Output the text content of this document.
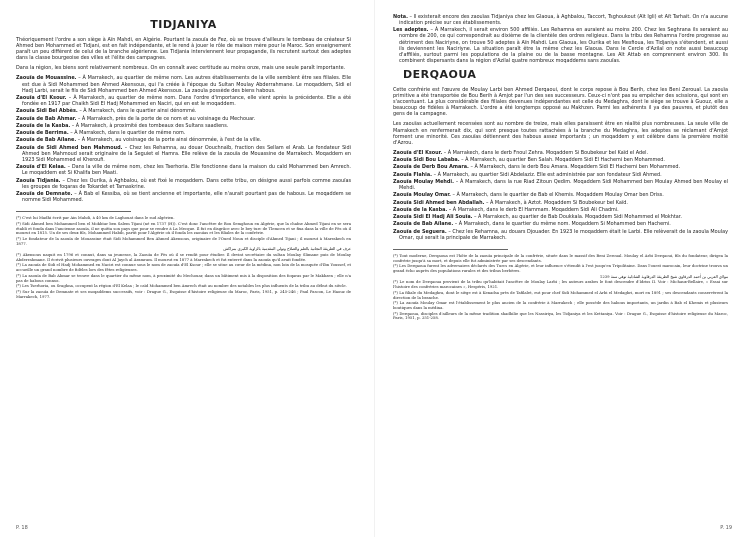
TIDJANIYA

Théoriquement l'ordre a son siège à Aïn Mahdi, en Algérie. Pourtant la zaouïa de Fez, où se trouve d'ailleurs le tombeau de créateur Si Ahmed ben Mohammed et Tidjani, est en fait indépendante, et le rend à jouer le rôle de maison mère pour le Maroc. Son enseignement paraît un peu différent de celui de la branche algérienne. Les Tidjania interviennent leur propagande, ils recrutent surtout des adeptes dans la classe bourgeoise des villes et l'élite des campagnes.

Dans la région, les biens sont relativement nombreux. On en connaît avec certitude au moins onze, mais une seule paraît importante.

Zaouïa de Mouassine. – À Marrakech, au quartier de même nom. Les autres établissements de la ville semblent être ses filiales. Elle est due à Sidi Mohammed ben Ahmed Akensous, qui l'a créée à l'époque du Sultan Moulay Abderrahmane. Le moqaddem, Sidi el Hadj Larbi, serait le fils de Sidi Mohammed ben Ahmed Akensous. La zaouïa possède des biens habous.

Zaouïa d'El Ksour. – À Marrakech, au quartier de même nom. Dans l'ordre d'importance, elle vient après la précédente. Elle a été fondée en 1917 par Chaikh Sidi El Hadj Mohammed en Naciri, qui en est le moqaddem.

Zaouïa Sidi Bel Abbès. – À Marrakech, dans le quartier ainsi dénommé.

Zaouïa de Bab Ahmar. – À Marrakech, près de la porte de ce nom et au voisinage du Mechouar.

Zaouïa de la Kasba. – À Marrakech, à proximité des tombeaux des Sultans saadiens.

Zaouïa de Berrima. – À Marrakech, dans le quartier de même nom.

Zaouïa de Bab Aïlane. – À Marrakech, au voisinage de la porte ainsi dénommée, à l'est de la ville.

Zaouïa de Sidi Ahmed ben Mahmoud. – Chez les Rehamna, au douar Oouchnaïb, fraction des Sellam el Arab. Le fondateur Sidi Ahmed ben Mahmoud serait originaire de la Seguiet el Hamra. Elle relève de la zaouïa de Mouassine de Marrakech. Moqaddem en 1923 Sidi Mohammed el Kheroufi.

Zaouïa d'El Kelaa. – Dans la ville de même nom, chez les Tserhoria. Elle fonctionne dans la maison du caïd Mohammed ben Amrech. Le moqaddem est Si Khalifa ben Maati.

Zaouïa Tidjania. – Chez les Ourika, à Aghbalou, où est fixé le moqaddem. Dans cette tribu, on désigne aussi parfois comme zaouïas les groupes de foqaras de Tokardet et Tamaskrine.

Zaouïa de Demnate. – À Bab el Kessiba, où se tient ancienne et importante, elle n'aurait pourtant pas de habous. Le moqaddem se nomme Sidi Mohammed.

(*) C'est lui Madhi écrit par Ain Mahdi, à 40 km de Laghouat dans le sud algérien.

(*) Sidi Ahmed ben Mohammed ben el Mokhtar ben Salem Tijani (né en 1737 (H)). C'est donc l'ancêtre de Bou Semghoun en Algérie, que la chaîne Ahmed Tijani en se sera établi et fonda dans l'ancienne zaouïa, il ne quitta son pays que pour se rendre à La Mecque. Il fut en disgrâce avec le bey turc de Tlemcen et se fixa dans la ville de Fès où il mourut en 1815. Un de ses deux fils, Mohammed Habib, partit pour l'Algérie où il fonda les zaouïas et les filiales de la confrérie.

(*) Le fondateur de la zaouïa de Mouassine était Sidi Mohammed Ben Ahmed Akensous, originaire de l'Oued Noun et disciple d'Ahmed Tijani ; il mourut à Marrakech en 1877.

عرف في الطريقة التجانية بالعلم والصلاح وتولى المقدمية بالزاوية الكبرى بمراكش

(*) Akensous naquit en 1796 et connut, dans sa jeunesse, la Zaouïa de Fès où il se rendit pour étudier. Il devint secrétaire du sultan Moulay Slimane puis de Moulay Abderrahmane. Il écrivit plusieurs ouvrages dont Al Jaych al Aramram. Il mourut en 1877 à Marrakech et fut enterré dans la zaouïa qu'il avait fondée.

(*) La zaouïa de Sidi el Hadj Mohammed en Naciri est connue sous le nom de zaouïa d'El Ksour ; elle se situe au cœur de la médina, non loin de la mosquée d'Ibn Youssef, et accueille un grand nombre de fidèles lors des fêtes religieuses.

(*) La zaouïa de Bab Ahmar se trouve dans le quartier du même nom, à proximité du Mechouar, dans un bâtiment mis à la disposition des foqaras par le Makhzen ; elle n'a pas de habous connus.

(*) Les Tserhoria, ou Sraghna, occupent la région d'El Kelaa ; le caïd Mohammed ben Amrech était au nombre des notables les plus influents de la tribu au début du siècle.

(*) Sur la zaouïa de Demnate et ses moqaddems successifs, voir : Drague G., Esquisse d'histoire religieuse du Maroc, Paris, 1951, p. 245-246 ; Paul Pascon, Le Haouz de Marrakech, 1977.

P. 18

Nota. – Il existerait encore des zaouïas Tidjaniya chez les Glaoua, à Aghbalou, Taccort, Tsghoukout (Aït Igli) et Aït Tarhait. On n'a aucune indication précise sur ces établissements.

Les adeptes. – À Marrakech, il serait environ 500 affiliés. Les Rehamna en auraient au moins 200. Chez les Seghrana ils seraient au nombre de 200, ce qui correspondrait au dixième de la clientèle des ordres religieux. Dans la tribu des Rehamna l'ordre progresse au détriment des Naciriyne, on trouve 50 adeptes à Aïn Mahdi. Les Glaoua, les Ourika et les Mesfioua, les Tidjaniya s'étendent, et aussi ils deviennent les Naciriyne. La situation paraît être la même chez les Glaoua. Dans le Cercle d'Azilal on note aussi beaucoup d'affiliés, surtout parmi les populations de la plaine ou de la basse montagne. Les Aït Attab en comprennent environ 300. Ils combinent dispersants dans la région d'Azilal quatre nombreux moqaddems sans zaouïas.

DERQAOUA

Cette confrérie est l'œuvre de Moulay Larbi ben Ahmed Derqaoui, dont le corps repose à Bou Berih, chez les Beni Zeroual. La zaouïa primitive a été transportée de Bou Berih à Amjot par l'un des ses successeurs. Ceux-ci n'ont pas su empêcher des scissions, qui sont en s'accentuant. La plus considérable des filiales devenues indépendantes est celle du Medaghra, dont le siège se trouve à Guouz, elle a beaucoup de fidèles à Marrakech. L'ordre a été longtemps opposé au Makhzen. Parmi les adhérents il ya des pauvres, et plutôt des gens de la campagne.

Les zaouïas actuellement recensées sont au nombre de treize, mais elles paraissent être en réalité plus nombreuses. La seule ville de Marrakech en renfermerait dix, qui sont presque toutes rattachées à la branche du Medaghra, les adeptes se réclamant d'Amjot forment une minorité. Ces zaouïas détiennent des habous assez importants ; un moqaddem y est célèbre dans la première moitié d'Azrou.

Zaouïa d'El Ksour. – À Marrakech, dans le derb Fnoul Zehra. Moqaddem Si Boubekeur bel Kaïd el Adel.

Zaouïa Sidi Bou Lababa. – À Marrakech, au quartier Ben Salah. Moqaddem Sidi El Hachemi ben Mohammed.

Zaouïa de Derb Bou Amara. – À Marrakech, dans le derb Bou Amara. Moqaddem Sidi El Hachemi ben Mohammed.

Zaouïa Flahia. – À Marrakech, au quartier Sidi Abdelaziz. Elle est administrée par son fondateur Sidi Ahmed.

Zaouïa Moulay Mehdi. – À Marrakech, dans la rue Riad Zitoun Qedim. Moqaddem Sidi Mohammed ben Moulay Ahmed ben Moulay el Mehdi.

Zaouïa Moulay Omar. – À Marrakech, dans le quartier de Bab el Khemis. Moqaddem Moulay Omar ben Driss.

Zaouïa Sidi Ahmed ben Abdallah. – À Marrakech, à Aztot. Moqaddem Si Boubekeur bel Kaïd.

Zaouïa de la Kasba. – À Marrakech, dans le derb El Hammam. Moqaddem Sidi Ali Chadmi.

Zaouïa Sidi El Hadj Ali Souïa. – À Marrakech, au quartier de Bab Doukkala. Moqaddem Sidi Mohammed el Mokhtar.

Zaouïa de Bab Aïlane. – À Marrakech, dans le quartier du même nom. Moqaddem Si Mohammed ben Hachemi.

Zaouïa de Seguera. – Chez les Rehamna, au douars Djouader. En 1923 le moqaddem était le Larbi. Elle relèverait de la zaouïa Moulay Omar, qui serait la principale de Marrakech.

(*) Tout moderne, Derqaoua est l'hôte de la zaouïa principale de la confrérie, située dans le massif des Beni Zeroual. Moulay el Arbi Derqaoui, fils du fondateur, dirigea la confrérie jusqu'à sa mort, et depuis elle fut administrée par ses descendants.

(*) Les Derqaoua furent les adversaires déclarés des Turcs en Algérie, et leur influence s'étendit à l'est jusqu'en Tripolitaine. Dans l'ouest marocain, leur doctrine trouva un grand écho auprès des populations rurales et des tribus berbères.

مولاي العربي بن أحمد الدرقاوي شيخ الطريقة الدرقاوية الشاذلية توفي سنة 1239

(*) Le nom de Derqaoua provient de la tribu qu'habitait l'ancêtre de Moulay Larbi ; les auteurs arabes le font descendre d'Idriss II. Voir : Michaux-Bellaire, « Essai sur l'histoire des confréries marocaines », Hespéris, 1921.

(*) La filiale du Medaghra, dont le siège est à Kenadsa près de Tafilalet, eut pour chef Sidi Mohammed el Arbi el Medaghri, mort en 1891 ; ses descendants conservèrent la direction de la branche.

(*) La zaouïa Moulay Omar est l'établissement le plus ancien de la confrérie à Marrakech ; elle possède des habous importants, un jardin à Bab el Khemis et plusieurs boutiques dans la médina.

(*) Derqaoua, disciples d'ailleurs de la même tradition shadhilie que les Nassiriya, les Tidjaniya et les Kettaniya. Voir : Drague G., Esquisse d'histoire religieuse du Maroc, Paris, 1951, p. 251-258.

P. 19
